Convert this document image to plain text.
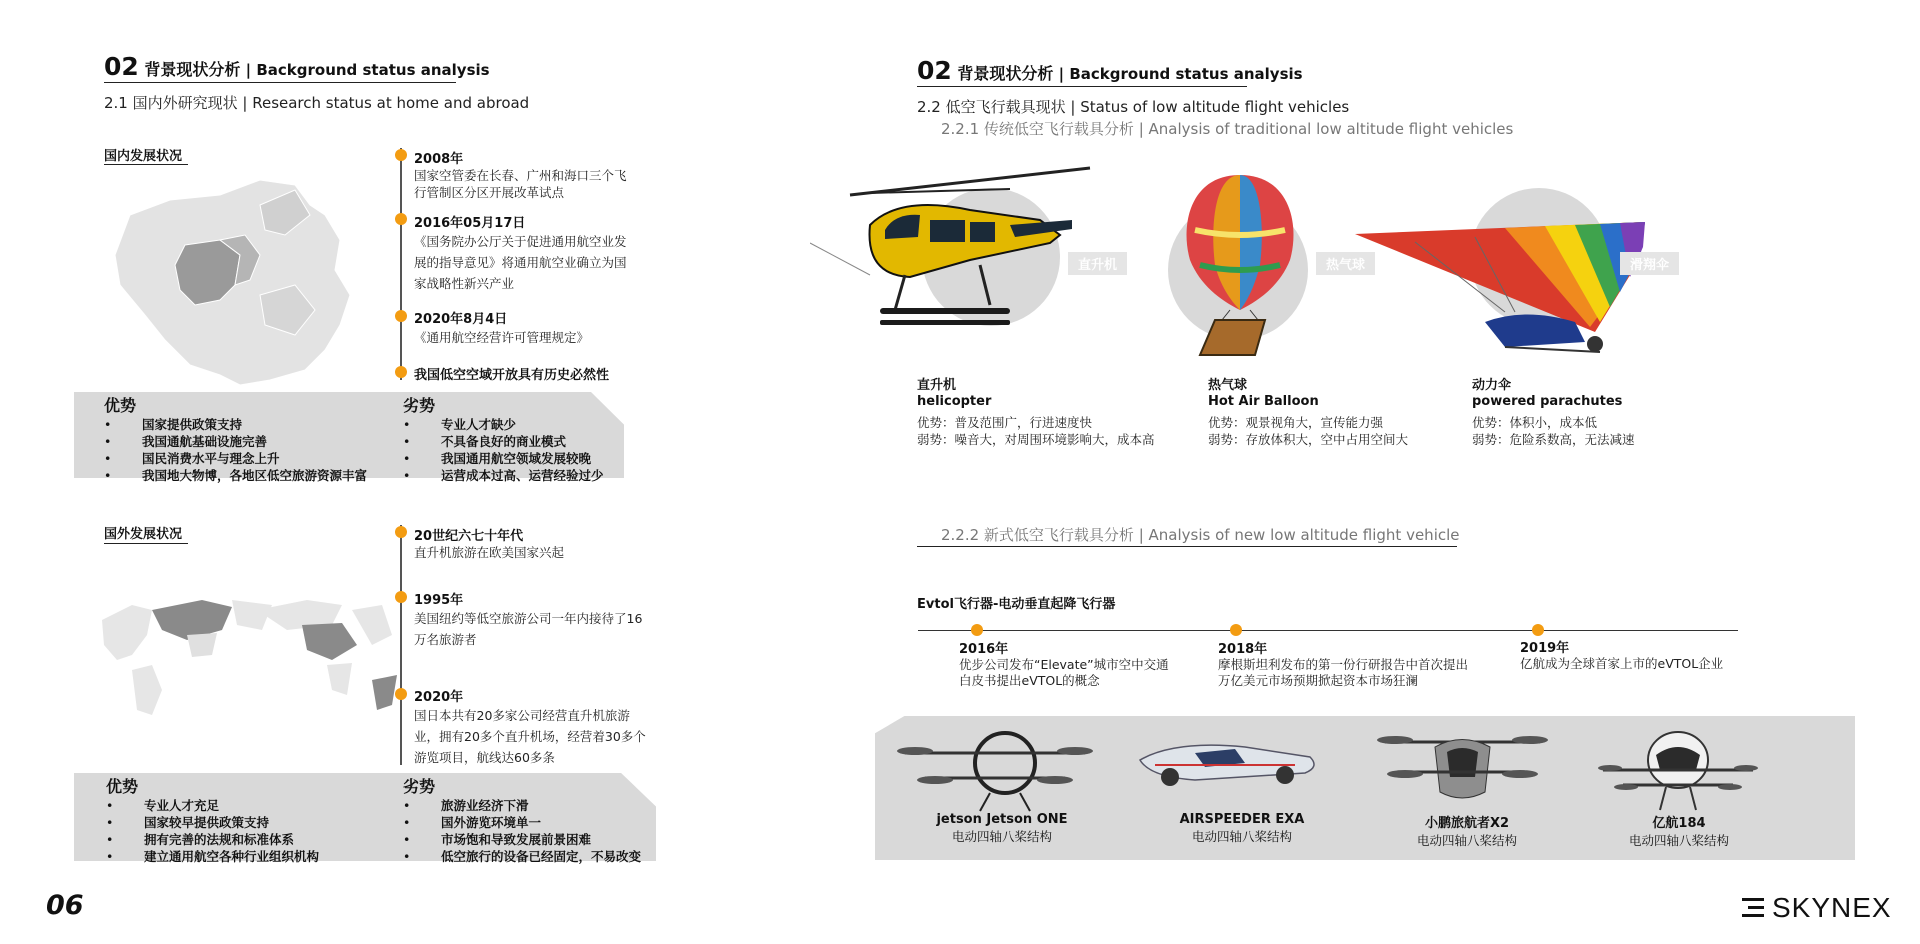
02 背景现状分析 | Background status analysis
2.1 国内外研究现状 | Research status at home and abroad
国内发展状况	2008年
国家空管委在长春、广州和海口三个飞行管制区分区开展改革试点
2016年05月17日
《国务院办公厅关于促进通用航空业发展的指导意见》将通用航空业确立为国家战略性新兴产业
2020年8月4日
《通用航空经营许可管理规定》
我国低空空域开放具有历史必然性
优势
• 国家提供政策支持
• 我国通航基础设施完善
• 国民消费水平与理念上升
• 我国地大物博，各地区低空旅游资源丰富
劣势
• 专业人才缺少
• 不具备良好的商业模式
• 我国通用航空领域发展较晚
• 运营成本过高、运营经验过少
国外发展状况	20世纪六七十年代
直升机旅游在欧美国家兴起
1995年
美国纽约等低空旅游公司一年内接待了16万名旅游者
2020年
国日本共有20多家公司经营直升机旅游业，拥有20多个直升机场，经营着30多个游览项目，航线达60多条
优势
• 专业人才充足
• 国家较早提供政策支持
• 拥有完善的法规和标准体系
• 建立通用航空各种行业组织机构
劣势
• 旅游业经济下滑
• 国外游览环境单一
• 市场饱和导致发展前景困难
• 低空旅行的设备已经固定，不易改变
06
02 背景现状分析 | Background status analysis
2.2 低空飞行载具现状 | Status of low altitude flight vehicles
2.2.1 传统低空飞行载具分析 | Analysis of traditional low altitude flight vehicles
直升机	热气球	滑翔伞
直升机
helicopter
优势：普及范围广，行进速度快
弱势：噪音大，对周围环境影响大，成本高
热气球
Hot Air Balloon
优势：观景视角大，宣传能力强
弱势：存放体积大，空中占用空间大
动力伞
powered parachutes
优势：体积小，成本低
弱势：危险系数高，无法减速
2.2.2 新式低空飞行载具分析 | Analysis of new low altitude flight vehicle
Evtol飞行器-电动垂直起降飞行器
2016年
优步公司发布“Elevate”城市空中交通白皮书提出eVTOL的概念
2018年
摩根斯坦利发布的第一份行研报告中首次提出万亿美元市场预期掀起资本市场狂澜
2019年
亿航成为全球首家上市的eVTOL企业
jetson Jetson ONE
电动四轴八桨结构
AIRSPEEDER EXA
电动四轴八桨结构
小鹏旅航者X2
电动四轴八桨结构
亿航184
电动四轴八桨结构
SKYNEX
